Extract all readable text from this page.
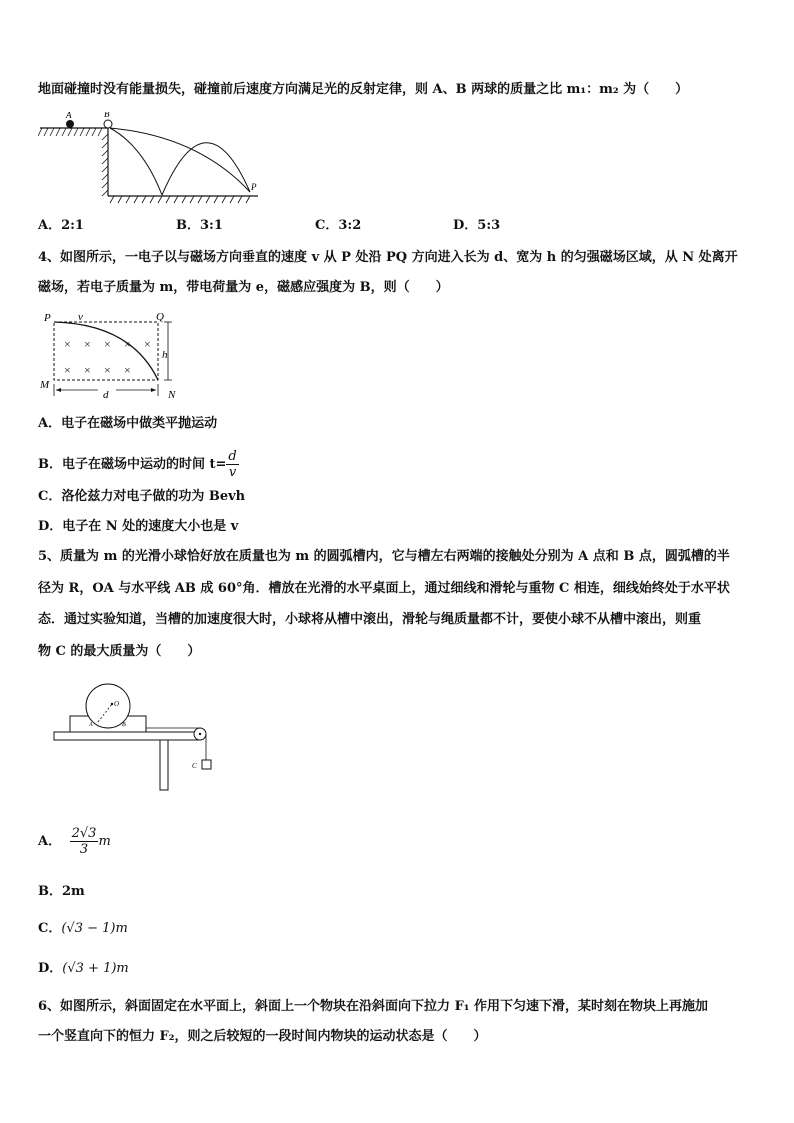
地面碰撞时没有能量损失，碰撞前后速度方向满足光的反射定律，则 A、B 两球的质量之比 m₁：m₂ 为（　　）
A	B
P
A．2:1	B．3:1	C．3:2	D．5:3
4、如图所示，一电子以与磁场方向垂直的速度 v 从 P 处沿 PQ 方向进入长为 d、宽为 h 的匀强磁场区域，从 N 处离开
磁场，若电子质量为 m，带电荷量为 e，磁感应强度为 B，则（　　）
× × × × ×
× × × ×
P v	Q
M
N
h
d
A．电子在磁场中做类平抛运动
B．电子在磁场中运动的时间 $t= \frac{d}{v}$
C．洛伦兹力对电子做的功为 Bevh
D．电子在 N 处的速度大小也是 v
5、质量为 m 的光滑小球恰好放在质量也为 m 的圆弧槽内，它与槽左右两端的接触处分别为 A 点和 B 点，圆弧槽的半
径为 R，OA 与水平线 AB 成 60°角．槽放在光滑的水平桌面上，通过细线和滑轮与重物 C 相连，细线始终处于水平状
态．通过实验知道，当槽的加速度很大时，小球将从槽中滚出，滑轮与绳质量都不计，要使小球不从槽中滚出，则重
物 C 的最大质量为（　　）
O
A	B
C
A． $\frac{2√3}{3}$ m
B．2m
C．(√3 − 1)m
D．(√3 + 1)m
6、如图所示，斜面固定在水平面上，斜面上一个物块在沿斜面向下拉力 F₁ 作用下匀速下滑，某时刻在物块上再施加
一个竖直向下的恒力 F₂，则之后较短的一段时间内物块的运动状态是（　　）
